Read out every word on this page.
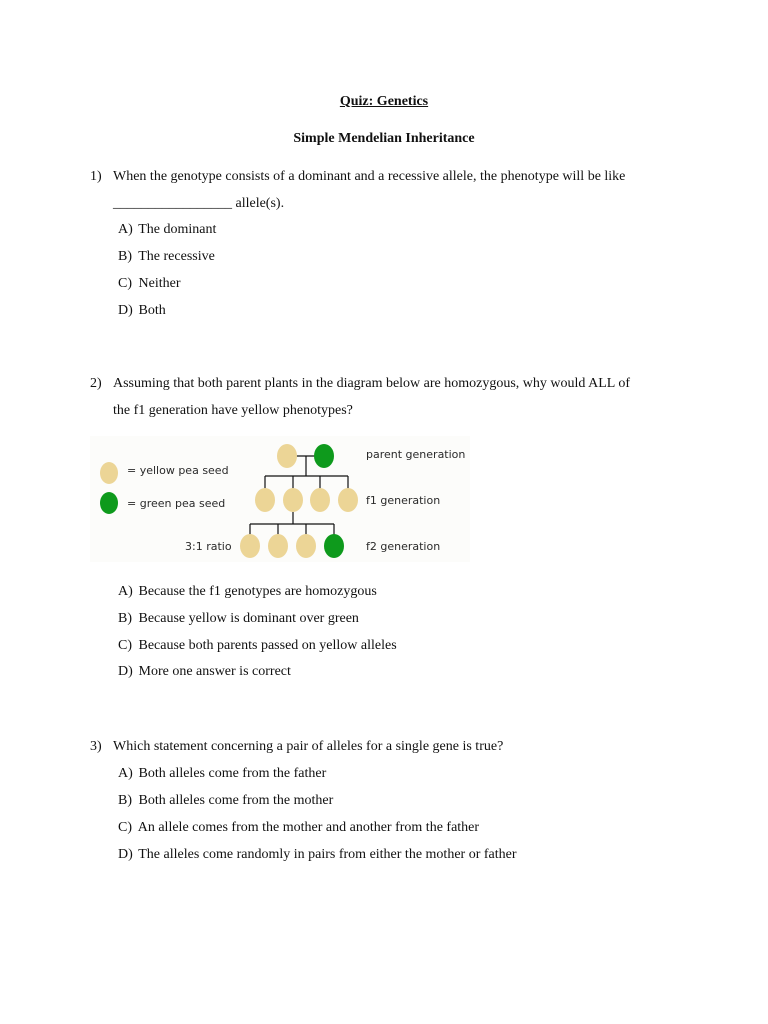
Quiz: Genetics
Simple Mendelian Inheritance
1) When the genotype consists of a dominant and a recessive allele, the phenotype will be like
_________________ allele(s).
A) The dominant
B) The recessive
C) Neither
D) Both
2) Assuming that both parent plants in the diagram below are homozygous, why would ALL of
the f1 generation have yellow phenotypes?
= yellow pea seed
= green pea seed
parent generation
f1 generation
3:1 ratio	f2 generation
A) Because the f1 genotypes are homozygous
B) Because yellow is dominant over green
C) Because both parents passed on yellow alleles
D) More one answer is correct
3) Which statement concerning a pair of alleles for a single gene is true?
A) Both alleles come from the father
B) Both alleles come from the mother
C) An allele comes from the mother and another from the father
D) The alleles come randomly in pairs from either the mother or father
